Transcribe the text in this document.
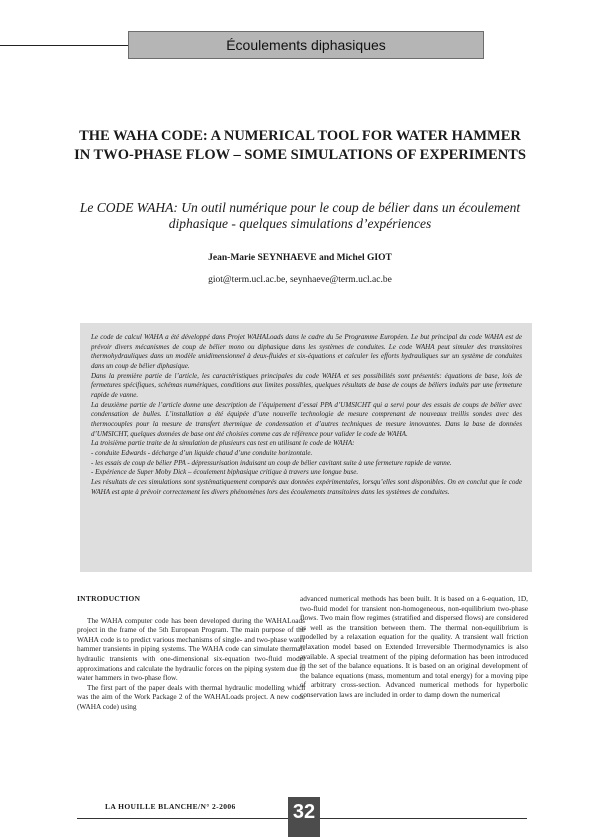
Écoulements diphasiques
THE WAHA CODE: A NUMERICAL TOOL FOR WATER HAMMER IN TWO-PHASE FLOW – SOME SIMULATIONS OF EXPERIMENTS
Le CODE WAHA: Un outil numérique pour le coup de bélier dans un écoulement diphasique - quelques simulations d’expériences
Jean-Marie SEYNHAEVE and Michel GIOT
giot@term.ucl.ac.be, seynhaeve@term.ucl.ac.be

Le code de calcul WAHA a été développé dans Projet WAHALoads dans le cadre du 5e Programme Européen. Le but principal du code WAHA est de prévoir divers mécanismes de coup de bélier mono ou diphasique dans les systèmes de conduites. Le code WAHA peut simuler des transitoires thermohydrauliques dans un modèle unidimensionnel à deux-fluides et six-équations et calculer les efforts hydrauliques sur un système de conduites dans un coup de bélier diphasique.

Dans la première partie de l’article, les caractéristiques principales du code WAHA et ses possibilités sont présentés: équations de base, lois de fermetures spécifiques, schémas numériques, conditions aux limites possibles, quelques résultats de base de coups de béliers induits par une fermeture rapide de vanne.

La deuxième partie de l’article donne une description de l’équipement d’essai PPA d’UMSICHT qui a servi pour des essais de coups de bélier avec condensation de bulles. L’installation a été équipée d’une nouvelle technologie de mesure comprenant de nouveaux treillis sondes avec des thermocouples pour la mesure de transfert thermique de condensation et d’autres techniques de mesure innovantes. Dans la base de données d’UMSICHT, quelques données de base ont été choisies comme cas de référence pour valider le code de WAHA.

La troisième partie traite de la simulation de plusieurs cas test en utilisant le code de WAHA:

- conduite Edwards - décharge d’un liquide chaud d’une conduite horizontale.

- les essais de coup de bélier PPA - dépressurisation induisant un coup de bélier cavitant suite à une fermeture rapide de vanne.

- Expérience de Super Moby Dick – écoulement biphasique critique à travers une longue buse.

Les résultats de ces simulations sont systématiquement comparés aux données expérimentales, lorsqu’elles sont disponibles. On en conclut que le code WAHA est apte à prévoir correctement les divers phénomènes lors des écoulements transitoires dans les systèmes de conduites.

INTRODUCTION

The WAHA computer code has been developed during the WAHALoads project in the frame of the 5th European Program. The main purpose of the WAHA code is to predict various mechanisms of single- and two-phase water hammer transients in piping systems. The WAHA code can simulate thermal-hydraulic transients with one-dimensional six-equation two-fluid model approximations and calculate the hydraulic forces on the piping system due to water hammers in two-phase flow.

The first part of the paper deals with thermal hydraulic modelling which was the aim of the Work Package 2 of the WAHALoads project. A new code (WAHA code) using

advanced numerical methods has been built. It is based on a 6-equation, 1D, two-fluid model for transient non-homogeneous, non-equilibrium two-phase flows. Two main flow regimes (stratified and dispersed flows) are considered as well as the transition between them. The thermal non-equilibrium is modelled by a relaxation equation for the quality. A transient wall friction relaxation model based on Extended Irreversible Thermodynamics is also available. A special treatment of the piping deformation has been introduced in the set of the balance equations. It is based on an original development of the balance equations (mass, momentum and total energy) for a moving pipe of arbitrary cross-section. Advanced numerical methods for hyperbolic conservation laws are included in order to damp down the numerical

LA HOUILLE BLANCHE/N° 2-2006	32
